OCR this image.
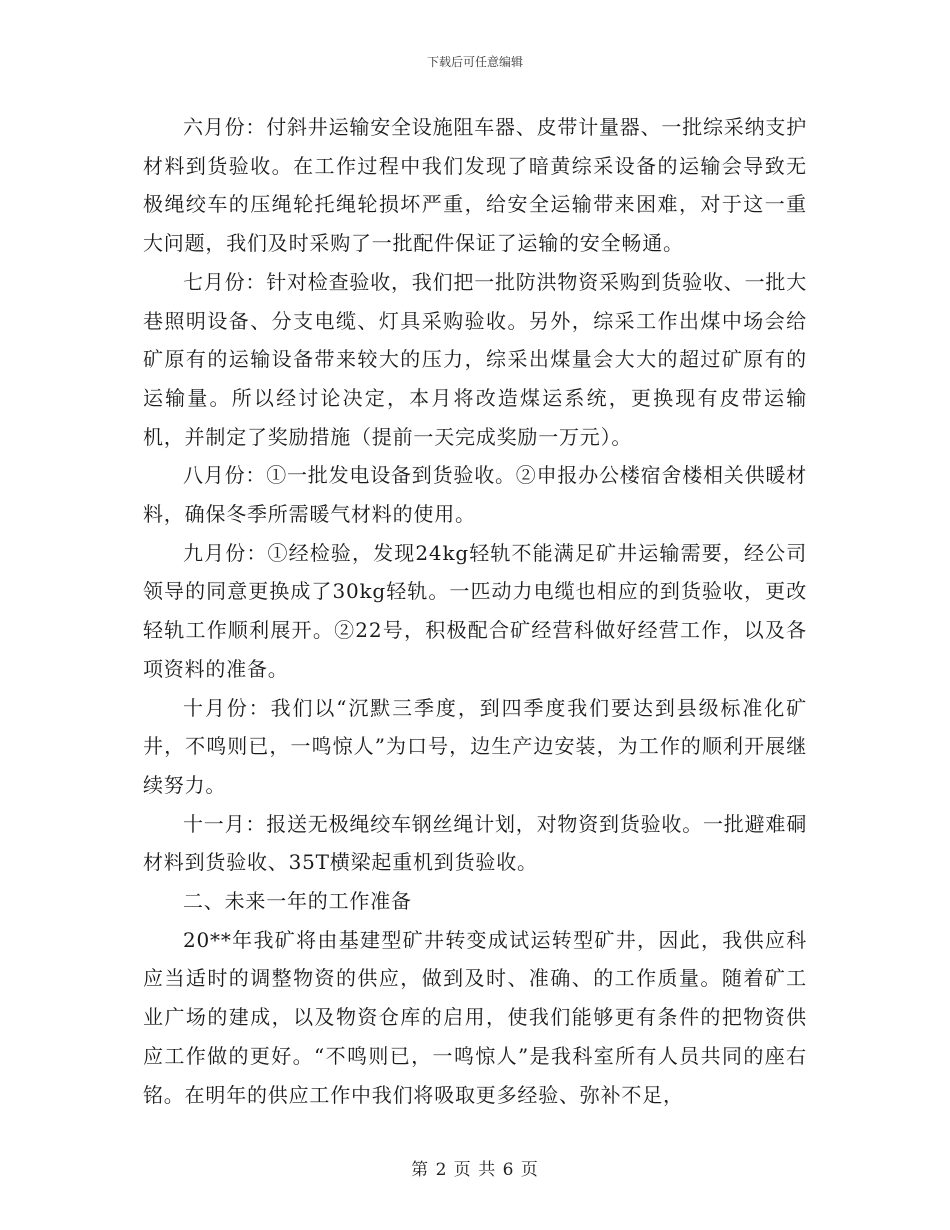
下载后可任意编辑

六月份：付斜井运输安全设施阻车器、皮带计量器、一批综采纳支护材料到货验收。在工作过程中我们发现了暗黄综采设备的运输会导致无极绳绞车的压绳轮托绳轮损坏严重，给安全运输带来困难，对于这一重大问题，我们及时采购了一批配件保证了运输的安全畅通。

七月份：针对检查验收，我们把一批防洪物资采购到货验收、一批大巷照明设备、分支电缆、灯具采购验收。另外，综采工作出煤中场会给矿原有的运输设备带来较大的压力，综采出煤量会大大的超过矿原有的运输量。所以经讨论决定，本月将改造煤运系统，更换现有皮带运输机，并制定了奖励措施（提前一天完成奖励一万元）。

八月份：①一批发电设备到货验收。②申报办公楼宿舍楼相关供暖材料，确保冬季所需暖气材料的使用。

九月份：①经检验，发现24kg轻轨不能满足矿井运输需要，经公司领导的同意更换成了30kg轻轨。一匹动力电缆也相应的到货验收，更改轻轨工作顺利展开。②22号，积极配合矿经营科做好经营工作，以及各项资料的准备。

十月份：我们以“沉默三季度，到四季度我们要达到县级标准化矿井，不鸣则已，一鸣惊人”为口号，边生产边安装，为工作的顺利开展继续努力。

十一月：报送无极绳绞车钢丝绳计划，对物资到货验收。一批避难硐材料到货验收、35T横梁起重机到货验收。

二、未来一年的工作准备

20**年我矿将由基建型矿井转变成试运转型矿井，因此，我供应科应当适时的调整物资的供应，做到及时、准确、的工作质量。随着矿工业广场的建成，以及物资仓库的启用，使我们能够更有条件的把物资供应工作做的更好。“不鸣则已，一鸣惊人”是我科室所有人员共同的座右铭。在明年的供应工作中我们将吸取更多经验、弥补不足，

第 2 页 共 6 页
